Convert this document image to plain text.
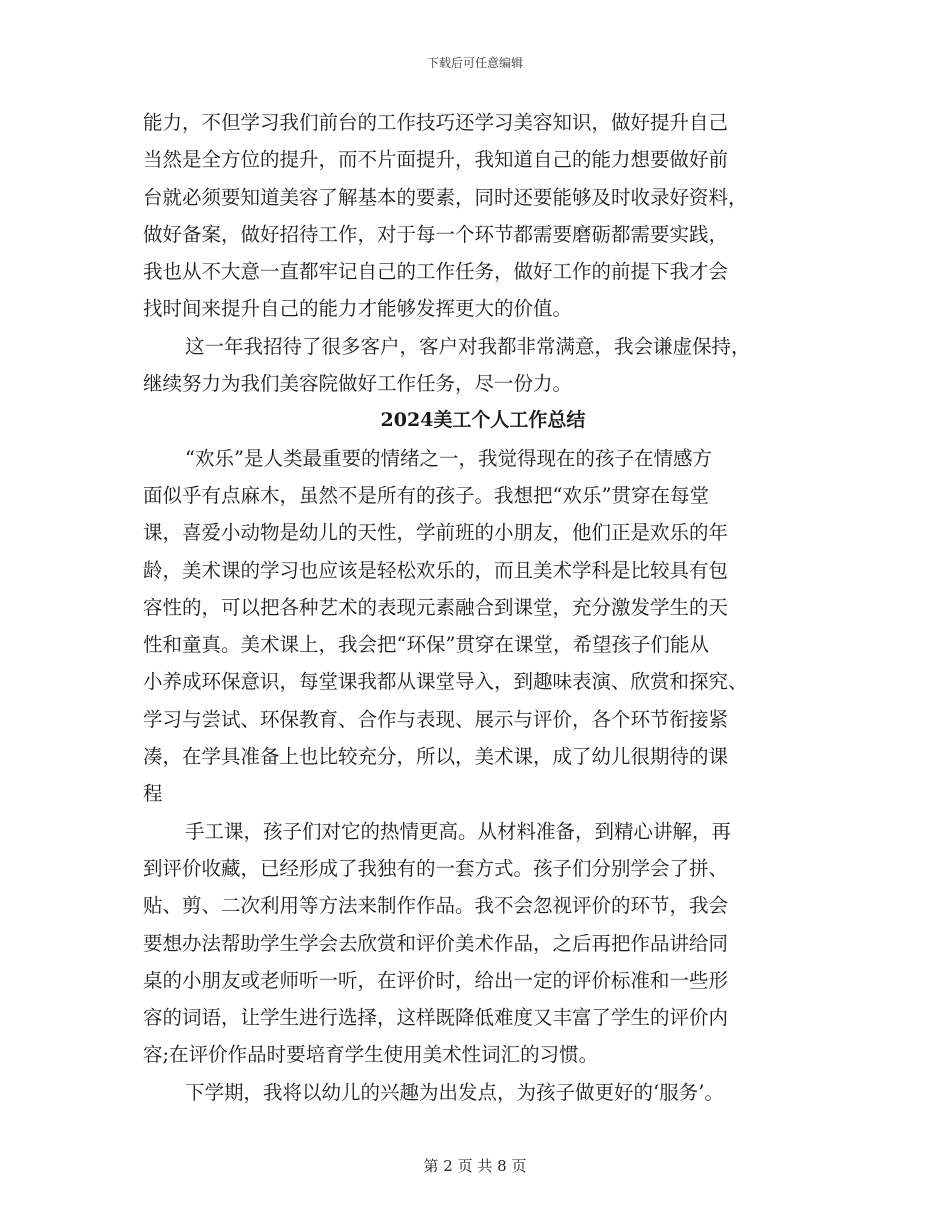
下载后可任意编辑
能力，不但学习我们前台的工作技巧还学习美容知识，做好提升自己
当然是全方位的提升，而不片面提升，我知道自己的能力想要做好前
台就必须要知道美容了解基本的要素，同时还要能够及时收录好资料，
做好备案，做好招待工作，对于每一个环节都需要磨砺都需要实践，
我也从不大意一直都牢记自己的工作任务，做好工作的前提下我才会
找时间来提升自己的能力才能够发挥更大的价值。
这一年我招待了很多客户，客户对我都非常满意，我会谦虚保持，
继续努力为我们美容院做好工作任务，尽一份力。
2024美工个人工作总结
“欢乐”是人类最重要的情绪之一，我觉得现在的孩子在情感方
面似乎有点麻木，虽然不是所有的孩子。我想把“欢乐”贯穿在每堂
课，喜爱小动物是幼儿的天性，学前班的小朋友，他们正是欢乐的年
龄，美术课的学习也应该是轻松欢乐的，而且美术学科是比较具有包
容性的，可以把各种艺术的表现元素融合到课堂，充分激发学生的天
性和童真。美术课上，我会把“环保”贯穿在课堂，希望孩子们能从
小养成环保意识，每堂课我都从课堂导入，到趣味表演、欣赏和探究、
学习与尝试、环保教育、合作与表现、展示与评价，各个环节衔接紧
凑，在学具准备上也比较充分，所以，美术课，成了幼儿很期待的课
程
手工课，孩子们对它的热情更高。从材料准备，到精心讲解，再
到评价收藏，已经形成了我独有的一套方式。孩子们分别学会了拼、
贴、剪、二次利用等方法来制作作品。我不会忽视评价的环节，我会
要想办法帮助学生学会去欣赏和评价美术作品，之后再把作品讲给同
桌的小朋友或老师听一听，在评价时，给出一定的评价标准和一些形
容的词语，让学生进行选择，这样既降低难度又丰富了学生的评价内
容;在评价作品时要培育学生使用美术性词汇的习惯。
下学期，我将以幼儿的兴趣为出发点，为孩子做更好的‘服务’。
第 2 页 共 8 页
